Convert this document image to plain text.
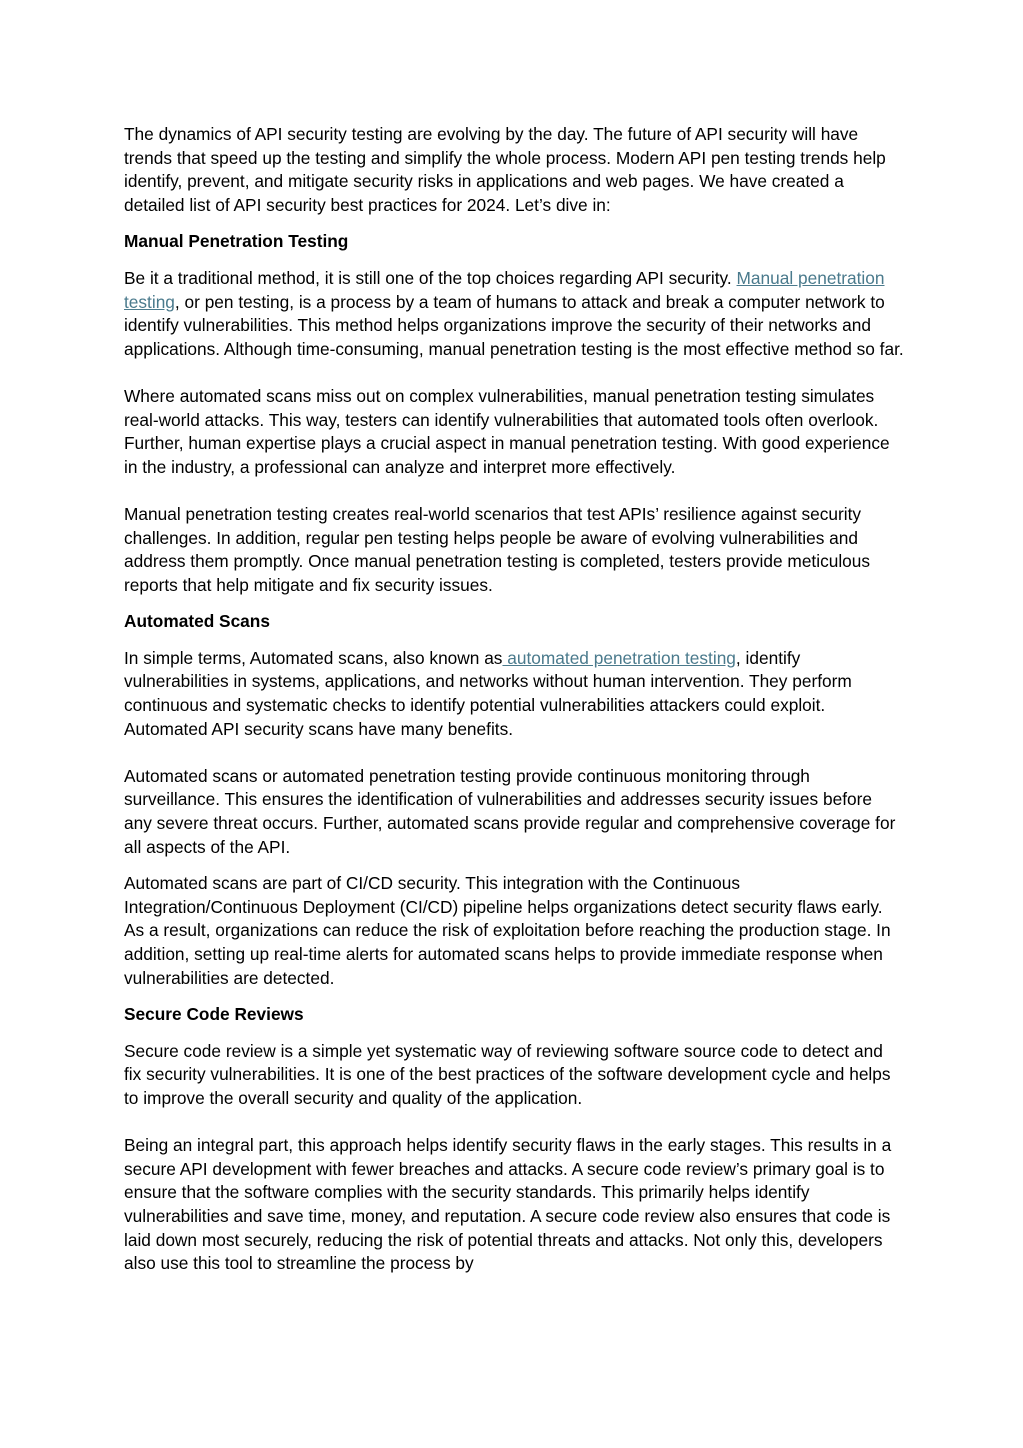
The dynamics of API security testing are evolving by the day. The future of API security will have trends that speed up the testing and simplify the whole process. Modern API pen testing trends help identify, prevent, and mitigate security risks in applications and web pages. We have created a detailed list of API security best practices for 2024. Let’s dive in:

Manual Penetration Testing

Be it a traditional method, it is still one of the top choices regarding API security. Manual penetration testing, or pen testing, is a process by a team of humans to attack and break a computer network to identify vulnerabilities. This method helps organizations improve the security of their networks and applications. Although time-consuming, manual penetration testing is the most effective method so far.

Where automated scans miss out on complex vulnerabilities, manual penetration testing simulates real-world attacks. This way, testers can identify vulnerabilities that automated tools often overlook. Further, human expertise plays a crucial aspect in manual penetration testing. With good experience in the industry, a professional can analyze and interpret more effectively.

Manual penetration testing creates real-world scenarios that test APIs’ resilience against security challenges. In addition, regular pen testing helps people be aware of evolving vulnerabilities and address them promptly. Once manual penetration testing is completed, testers provide meticulous reports that help mitigate and fix security issues.

Automated Scans

In simple terms, Automated scans, also known as automated penetration testing, identify vulnerabilities in systems, applications, and networks without human intervention. They perform continuous and systematic checks to identify potential vulnerabilities attackers could exploit. Automated API security scans have many benefits.

Automated scans or automated penetration testing provide continuous monitoring through surveillance. This ensures the identification of vulnerabilities and addresses security issues before any severe threat occurs. Further, automated scans provide regular and comprehensive coverage for all aspects of the API.

Automated scans are part of CI/CD security. This integration with the Continuous Integration/Continuous Deployment (CI/CD) pipeline helps organizations detect security flaws early. As a result, organizations can reduce the risk of exploitation before reaching the production stage. In addition, setting up real-time alerts for automated scans helps to provide immediate response when vulnerabilities are detected.

Secure Code Reviews

Secure code review is a simple yet systematic way of reviewing software source code to detect and fix security vulnerabilities. It is one of the best practices of the software development cycle and helps to improve the overall security and quality of the application.

Being an integral part, this approach helps identify security flaws in the early stages. This results in a secure API development with fewer breaches and attacks. A secure code review’s primary goal is to ensure that the software complies with the security standards. This primarily helps identify vulnerabilities and save time, money, and reputation. A secure code review also ensures that code is laid down most securely, reducing the risk of potential threats and attacks. Not only this, developers also use this tool to streamline the process by
